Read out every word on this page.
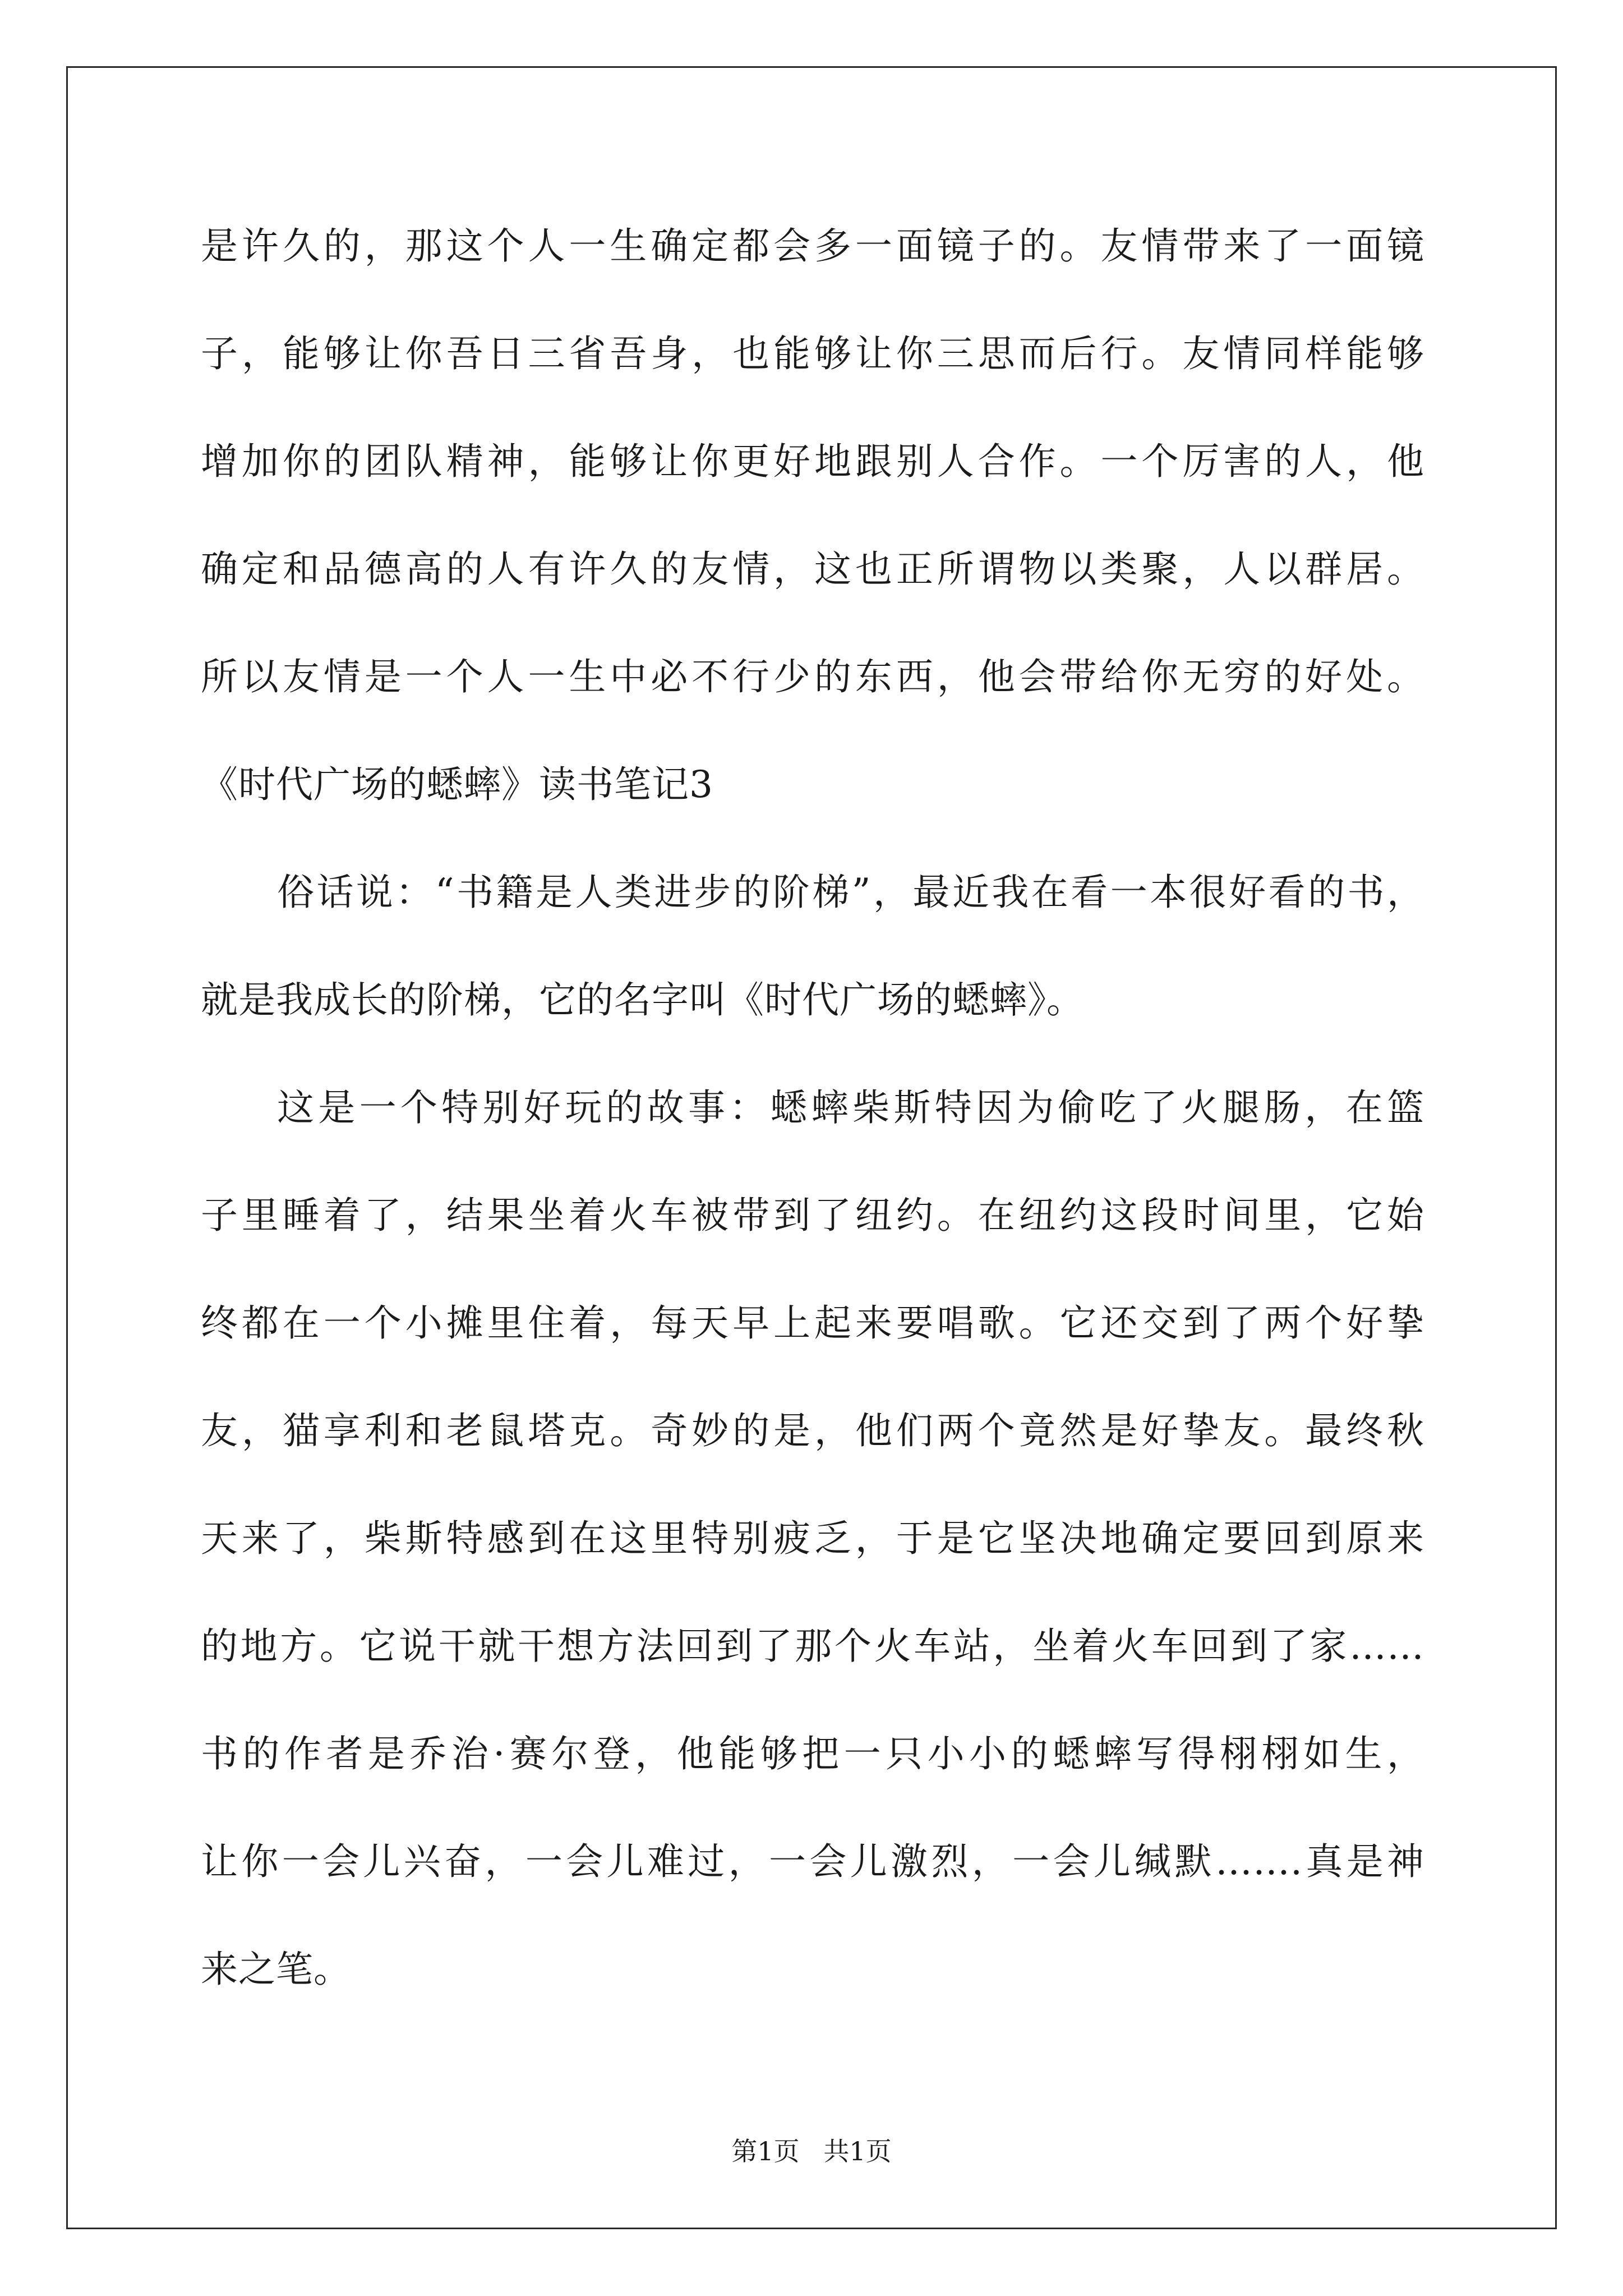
是许久的，那这个人一生确定都会多一面镜子的。友情带来了一面镜
子，能够让你吾日三省吾身，也能够让你三思而后行。友情同样能够
增加你的团队精神，能够让你更好地跟别人合作。一个厉害的人，他
确定和品德高的人有许久的友情，这也正所谓物以类聚，人以群居。
所以友情是一个人一生中必不行少的东西，他会带给你无穷的好处。
《时代广场的蟋蟀》读书笔记3
俗话说：“书籍是人类进步的阶梯”，最近我在看一本很好看的书，
就是我成长的阶梯，它的名字叫《时代广场的蟋蟀》。
这是一个特别好玩的故事：蟋蟀柴斯特因为偷吃了火腿肠，在篮
子里睡着了，结果坐着火车被带到了纽约。在纽约这段时间里，它始
终都在一个小摊里住着，每天早上起来要唱歌。它还交到了两个好挚
友，猫享利和老鼠塔克。奇妙的是，他们两个竟然是好挚友。最终秋
天来了，柴斯特感到在这里特别疲乏，于是它坚决地确定要回到原来
的地方。它说干就干想方法回到了那个火车站，坐着火车回到了家……
书的作者是乔治·赛尔登，他能够把一只小小的蟋蟀写得栩栩如生，
让你一会儿兴奋，一会儿难过，一会儿激烈，一会儿缄默…….真是神
来之笔。
第1页 共1页
